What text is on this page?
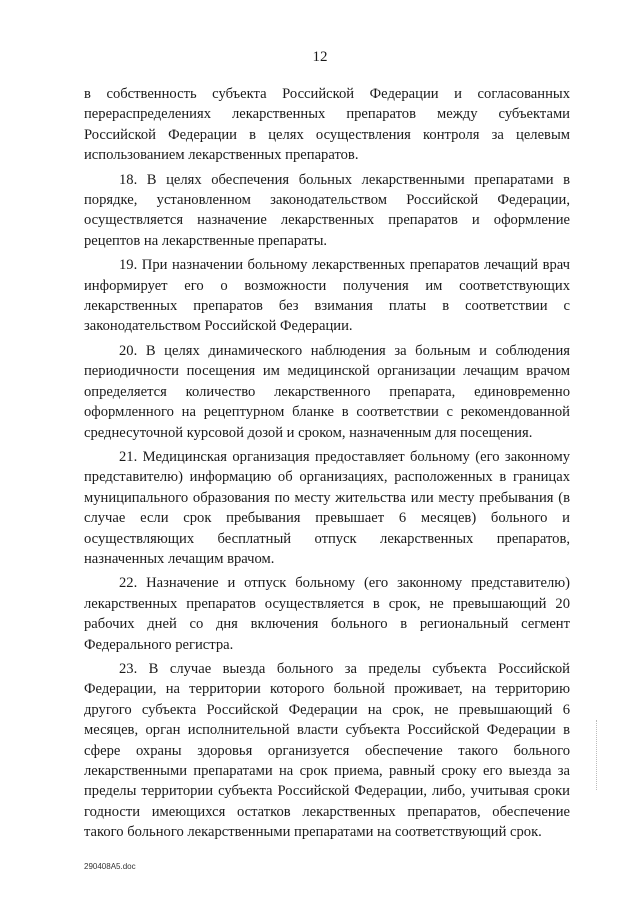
12

в собственность субъекта Российской Федерации и согласованных перераспределениях лекарственных препаратов между субъектами Российской Федерации в целях осуществления контроля за целевым использованием лекарственных препаратов.

18. В целях обеспечения больных лекарственными препаратами в порядке, установленном законодательством Российской Федерации, осуществляется назначение лекарственных препаратов и оформление рецептов на лекарственные препараты.

19. При назначении больному лекарственных препаратов лечащий врач информирует его о возможности получения им соответствующих лекарственных препаратов без взимания платы в соответствии с законодательством Российской Федерации.

20. В целях динамического наблюдения за больным и соблюдения периодичности посещения им медицинской организации лечащим врачом определяется количество лекарственного препарата, единовременно оформленного на рецептурном бланке в соответствии с рекомендованной среднесуточной курсовой дозой и сроком, назначенным для посещения.

21. Медицинская организация предоставляет больному (его законному представителю) информацию об организациях, расположенных в границах муниципального образования по месту жительства или месту пребывания (в случае если срок пребывания превышает 6 месяцев) больного и осуществляющих бесплатный отпуск лекарственных препаратов, назначенных лечащим врачом.

22. Назначение и отпуск больному (его законному представителю) лекарственных препаратов осуществляется в срок, не превышающий 20 рабочих дней со дня включения больного в региональный сегмент Федерального регистра.

23. В случае выезда больного за пределы субъекта Российской Федерации, на территории которого больной проживает, на территорию другого субъекта Российской Федерации на срок, не превышающий 6 месяцев, орган исполнительной власти субъекта Российской Федерации в сфере охраны здоровья организуется обеспечение такого больного лекарственными препаратами на срок приема, равный сроку его выезда за пределы территории субъекта Российской Федерации, либо, учитывая сроки годности имеющихся остатков лекарственных препаратов, обеспечение такого больного лекарственными препаратами на соответствующий срок.

290408А5.doc
